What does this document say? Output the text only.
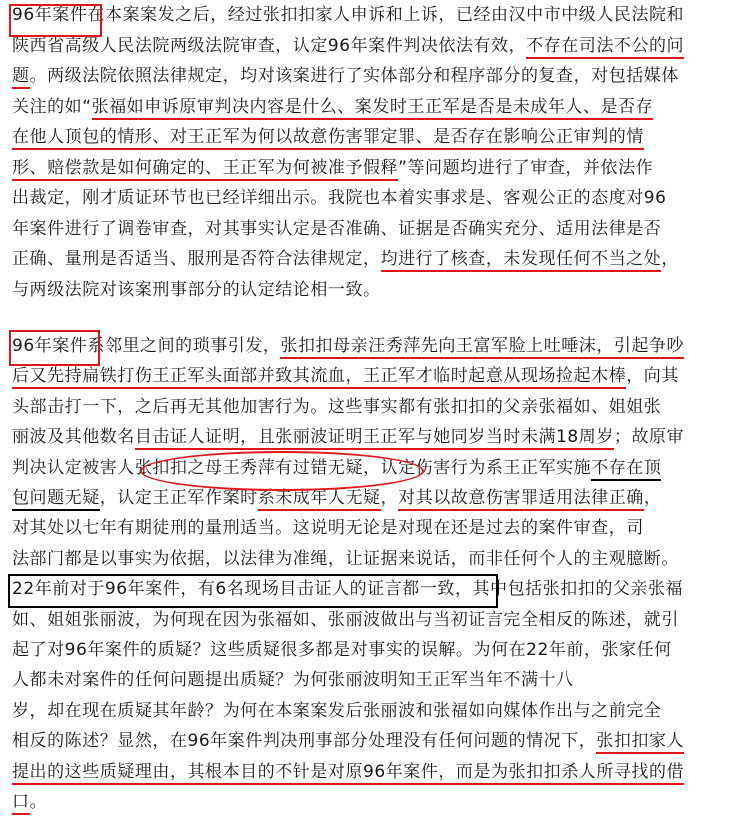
96年案件在本案案发之后，经过张扣扣家人申诉和上诉，已经由汉中市中级人民法院和
陕西省高级人民法院两级法院审查，认定96年案件判决依法有效，不存在司法不公的问
题。两级法院依照法律规定，均对该案进行了实体部分和程序部分的复查，对包括媒体
关注的如“张福如申诉原审判决内容是什么、案发时王正军是否是未成年人、是否存
在他人顶包的情形、对王正军为何以故意伤害罪定罪、是否存在影响公正审判的情
形、赔偿款是如何确定的、王正军为何被准予假释”等问题均进行了审查，并依法作
出裁定，刚才质证环节也已经详细出示。我院也本着实事求是、客观公正的态度对96
年案件进行了调卷审查，对其事实认定是否准确、证据是否确实充分、适用法律是否
正确、量刑是否适当、服刑是否符合法律规定，均进行了核查，未发现任何不当之处，
与两级法院对该案刑事部分的认定结论相一致。
96年案件系邻里之间的琐事引发，张扣扣母亲汪秀萍先向王富军脸上吐唾沫，引起争吵
后又先持扁铁打伤王正军头面部并致其流血，王正军才临时起意从现场捡起木棒，向其
头部击打一下，之后再无其他加害行为。这些事实都有张扣扣的父亲张福如、姐姐张
丽波及其他数名目击证人证明，且张丽波证明王正军与她同岁当时未满18周岁；故原审
判决认定被害人张扣扣之母王秀萍有过错无疑，认定伤害行为系王正军实施不存在顶
包问题无疑，认定王正军作案时系未成年人无疑，对其以故意伤害罪适用法律正确，
对其处以七年有期徒刑的量刑适当。这说明无论是对现在还是过去的案件审查，司
法部门都是以事实为依据，以法律为准绳，让证据来说话，而非任何个人的主观臆断。
22年前对于96年案件，有6名现场目击证人的证言都一致，其中包括张扣扣的父亲张福
如、姐姐张丽波，为何现在因为张福如、张丽波做出与当初证言完全相反的陈述，就引
起了对96年案件的质疑？这些质疑很多都是对事实的误解。为何在22年前，张家任何
人都未对案件的任何问题提出质疑？为何张丽波明知王正军当年不满十八
岁，却在现在质疑其年龄？为何在本案案发后张丽波和张福如向媒体作出与之前完全
相反的陈述？显然，在96年案件判决刑事部分处理没有任何问题的情况下，张扣扣家人
提出的这些质疑理由，其根本目的不针是对原96年案件，而是为张扣扣杀人所寻找的借
口。
